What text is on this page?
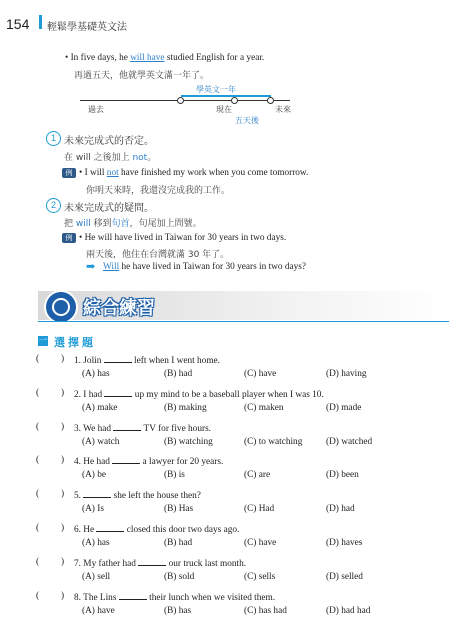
154 輕鬆學基礎英文法
• In five days, he will have studied English for a year.
再過五天，他就學英文滿一年了。
學英文一年
過去	現在	未來
五天後
1 未來完成式的否定。
在 will 之後加上 not。
例 • I will not have finished my work when you come tomorrow.
你明天來時，我還沒完成我的工作。
2 未來完成式的疑問。
把 will 移到句首，句尾加上問號。
例 • He will have lived in Taiwan for 30 years in two days.
兩天後，他住在台灣就滿 30 年了。
➡ Will he have lived in Taiwan for 30 years in two days?
綜合練習
一 選擇題
( ) 1. Jolin	left when I went home.
(A) has	(B) had	(C) have	(D) having
( ) 2. I had	up my mind to be a baseball player when I was 10.
(A) make	(B) making	(C) maken	(D) made
( ) 3. We had	TV for five hours.
(A) watch	(B) watching	(C) to watching	(D) watched
( ) 4. He had	a lawyer for 20 years.
(A) be	(B) is	(C) are	(D) been
( ) 5.	she left the house then?
(A) Is	(B) Has	(C) Had	(D) had
( ) 6. He	closed this door two days ago.
(A) has	(B) had	(C) have	(D) haves
( ) 7. My father had	our truck last month.
(A) sell	(B) sold	(C) sells	(D) selled
( ) 8. The Lins	their lunch when we visited them.
(A) have	(B) has	(C) has had	(D) had had
